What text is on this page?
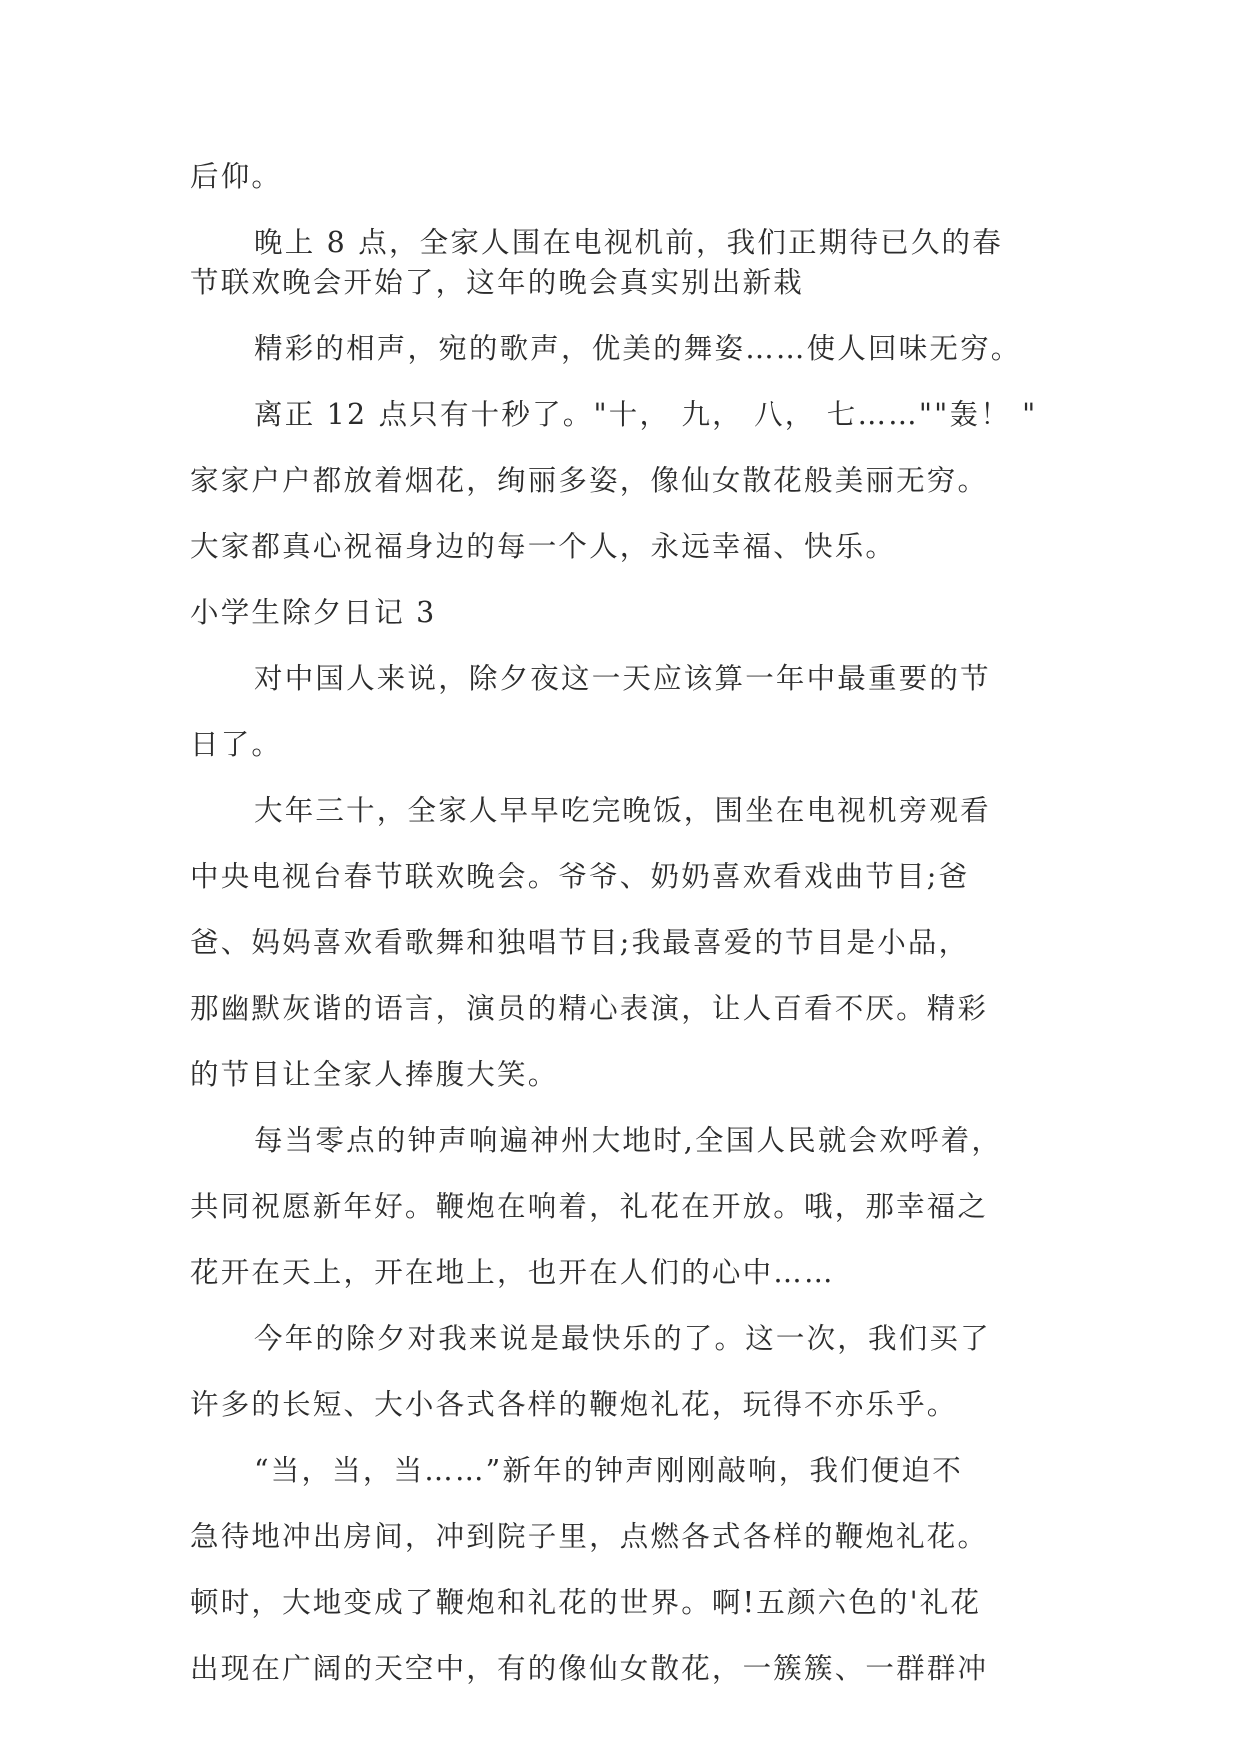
后仰。
晚上 8 点，全家人围在电视机前，我们正期待已久的春
节联欢晚会开始了，这年的晚会真实别出新栽
精彩的相声，宛的歌声，优美的舞姿……使人回味无穷。
离正 12 点只有十秒了。"十， 九， 八， 七……""轰！ "
家家户户都放着烟花，绚丽多姿，像仙女散花般美丽无穷。
大家都真心祝福身边的每一个人，永远幸福、快乐。
小学生除夕日记 3
对中国人来说，除夕夜这一天应该算一年中最重要的节
日了。
大年三十，全家人早早吃完晚饭，围坐在电视机旁观看
中央电视台春节联欢晚会。爷爷、奶奶喜欢看戏曲节目;爸
爸、妈妈喜欢看歌舞和独唱节目;我最喜爱的节目是小品，
那幽默灰谐的语言，演员的精心表演，让人百看不厌。精彩
的节目让全家人捧腹大笑。
每当零点的钟声响遍神州大地时,全国人民就会欢呼着，
共同祝愿新年好。鞭炮在响着，礼花在开放。哦，那幸福之
花开在天上，开在地上，也开在人们的心中……
今年的除夕对我来说是最快乐的了。这一次，我们买了
许多的长短、大小各式各样的鞭炮礼花，玩得不亦乐乎。
“当，当，当……”新年的钟声刚刚敲响，我们便迫不
急待地冲出房间，冲到院子里，点燃各式各样的鞭炮礼花。
顿时，大地变成了鞭炮和礼花的世界。啊!五颜六色的'礼花
出现在广阔的天空中，有的像仙女散花，一簇簇、一群群冲
